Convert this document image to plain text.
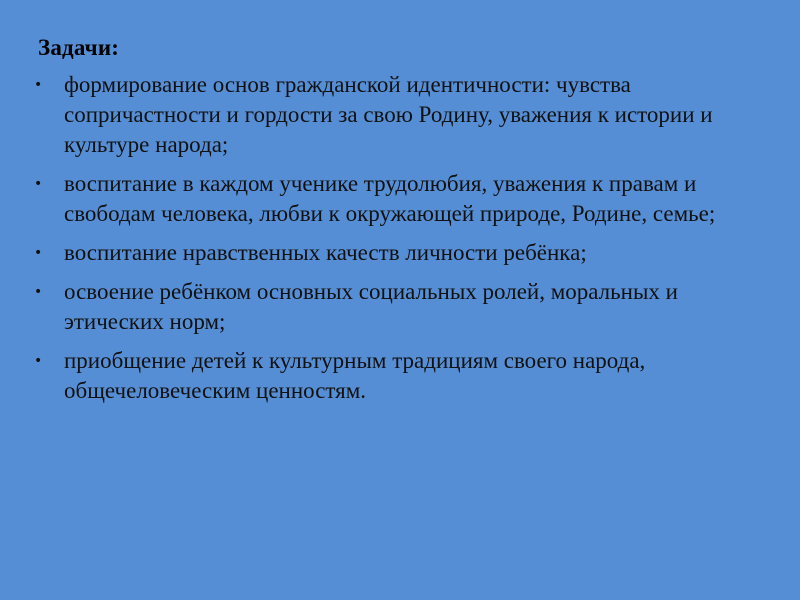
Задачи:
• формирование основ гражданской идентичности: чувства сопричастности и гордости за свою Родину, уважения к истории и культуре народа;
• воспитание в каждом ученике трудолюбия, уважения к правам и свободам человека, любви к окружающей природе, Родине, семье;
• воспитание нравственных качеств личности ребёнка;
• освоение ребёнком основных социальных ролей, моральных и этических норм;
• приобщение детей к культурным традициям своего народа, общечеловеческим ценностям.
